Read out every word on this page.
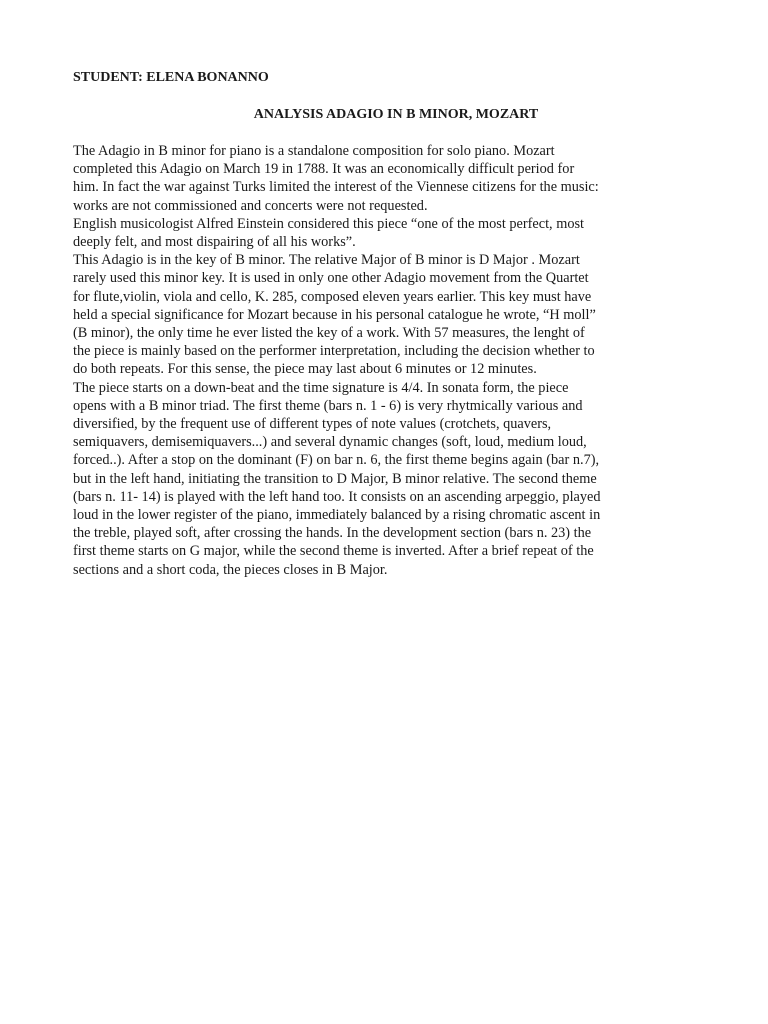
STUDENT: ELENA BONANNO

ANALYSIS ADAGIO IN B MINOR, MOZART

The Adagio in B minor for piano is a standalone composition for solo piano. Mozart
completed this Adagio on March 19 in 1788. It was an economically difficult period for
him. In fact the war against Turks limited the interest of the Viennese citizens for the music:
works are not commissioned and concerts were not requested.
English musicologist Alfred Einstein considered this piece “one of the most perfect, most
deeply felt, and most dispairing of all his works”.
This Adagio is in the key of B minor. The relative Major of B minor is D Major . Mozart
rarely used this minor key. It is used in only one other Adagio movement from the Quartet
for flute,violin, viola and cello, K. 285, composed eleven years earlier. This key must have
held a special significance for Mozart because in his personal catalogue he wrote, “H moll”
(B minor), the only time he ever listed the key of a work. With 57 measures, the lenght of
the piece is mainly based on the performer interpretation, including the decision whether to
do both repeats. For this sense, the piece may last about 6 minutes or 12 minutes.
The piece starts on a down-beat and the time signature is 4/4. In sonata form, the piece
opens with a B minor triad. The first theme (bars n. 1 - 6) is very rhytmically various and
diversified, by the frequent use of different types of note values (crotchets, quavers,
semiquavers, demisemiquavers...) and several dynamic changes (soft, loud, medium loud,
forced..). After a stop on the dominant (F) on bar n. 6, the first theme begins again (bar n.7),
but in the left hand, initiating the transition to D Major, B minor relative. The second theme
(bars n. 11- 14) is played with the left hand too. It consists on an ascending arpeggio, played
loud in the lower register of the piano, immediately balanced by a rising chromatic ascent in
the treble, played soft, after crossing the hands. In the development section (bars n. 23) the
first theme starts on G major, while the second theme is inverted. After a brief repeat of the
sections and a short coda, the pieces closes in B Major.
